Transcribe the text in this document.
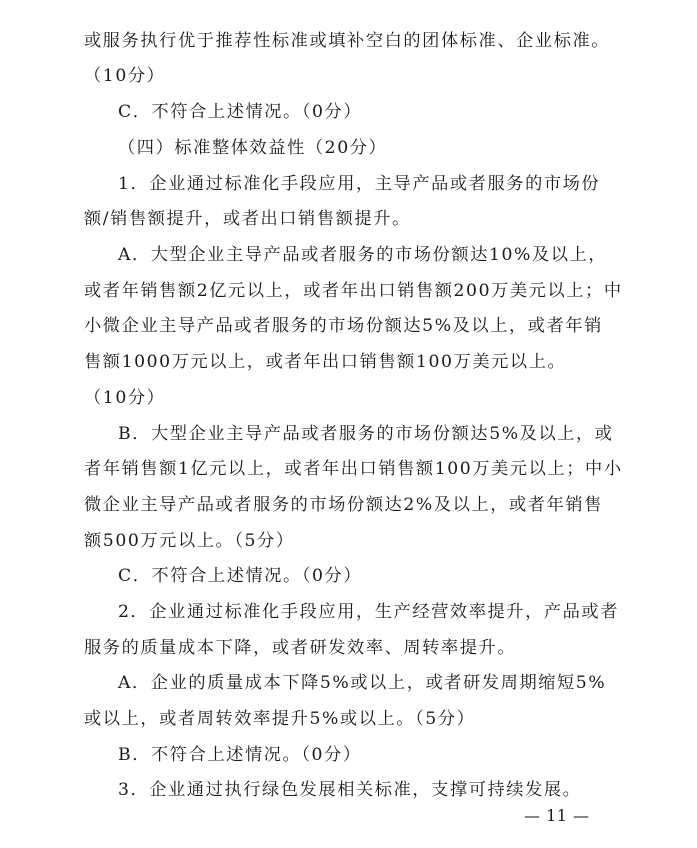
或服务执行优于推荐性标准或填补空白的团体标准、企业标准。
（10分）
C．不符合上述情况。（0分）
（四）标准整体效益性（20分）
1．企业通过标准化手段应用，主导产品或者服务的市场份
额/销售额提升，或者出口销售额提升。
A．大型企业主导产品或者服务的市场份额达10%及以上，
或者年销售额2亿元以上，或者年出口销售额200万美元以上；中
小微企业主导产品或者服务的市场份额达5%及以上，或者年销
售额1000万元以上，或者年出口销售额100万美元以上。
（10分）
B．大型企业主导产品或者服务的市场份额达5%及以上，或
者年销售额1亿元以上，或者年出口销售额100万美元以上；中小
微企业主导产品或者服务的市场份额达2%及以上，或者年销售
额500万元以上。（5分）
C．不符合上述情况。（0分）
2．企业通过标准化手段应用，生产经营效率提升，产品或者
服务的质量成本下降，或者研发效率、周转率提升。
A．企业的质量成本下降5%或以上，或者研发周期缩短5%
或以上，或者周转效率提升5%或以上。（5分）
B．不符合上述情况。（0分）
3．企业通过执行绿色发展相关标准，支撑可持续发展。
— 11 —
